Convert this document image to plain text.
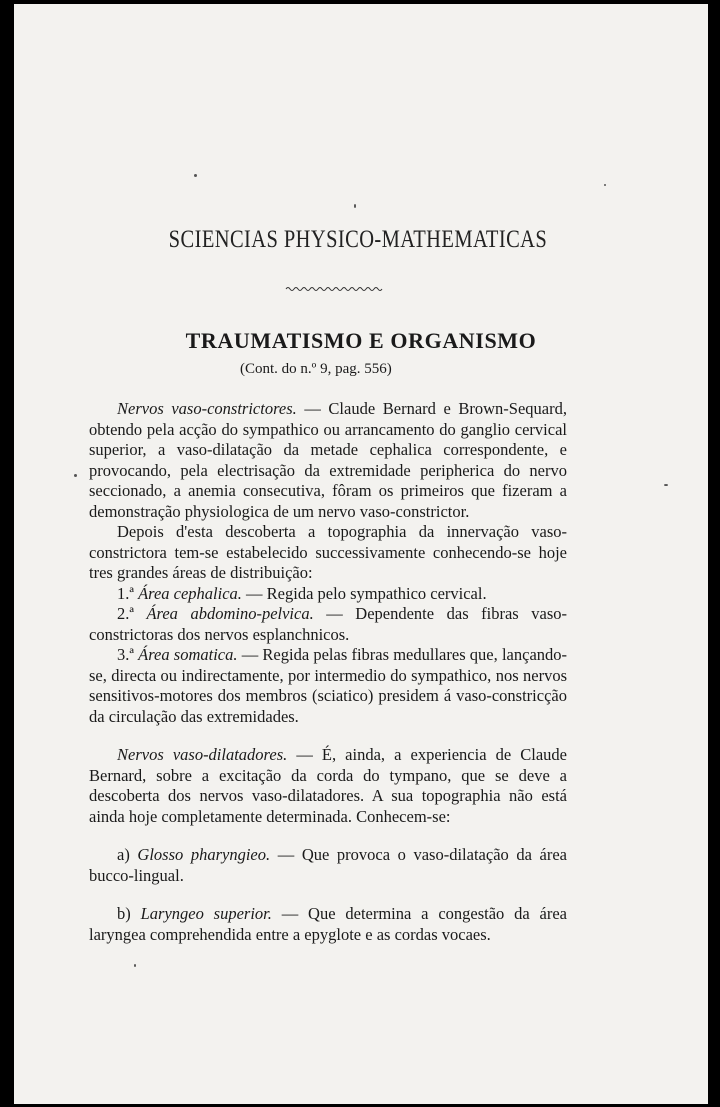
SCIENCIAS PHYSICO-MATHEMATICAS
TRAUMATISMO E ORGANISMO
(Cont. do n.º 9, pag. 556)

Nervos vaso-constrictores. — Claude Bernard e Brown-Sequard, obtendo pela acção do sympathico ou arrancamento do ganglio cervical superior, a vaso-dilatação da metade cephalica correspondente, e provocando, pela electrisação da extremidade peripherica do nervo seccionado, a anemia consecutiva, fôram os primeiros que fizeram a demonstração physiologica de um nervo vaso-constrictor.

Depois d'esta descoberta a topographia da innervação vaso-constrictora tem-se estabelecido successivamente conhecendo-se hoje tres grandes áreas de distribuição:

1.ª Área cephalica. — Regida pelo sympathico cervical.

2.ª Área abdomino-pelvica. — Dependente das fibras vaso-constrictoras dos nervos esplanchnicos.

3.ª Área somatica. — Regida pelas fibras medullares que, lançando-se, directa ou indirectamente, por intermedio do sympathico, nos nervos sensitivos-motores dos membros (sciatico) presidem á vaso-constricção da circulação das extremidades.

Nervos vaso-dilatadores. — É, ainda, a experiencia de Claude Bernard, sobre a excitação da corda do tympano, que se deve a descoberta dos nervos vaso-dilatadores. A sua topographia não está ainda hoje completamente determinada. Conhecem-se:

a) Glosso pharyngieo. — Que provoca o vaso-dilatação da área bucco-lingual.

b) Laryngeo superior. — Que determina a congestão da área laryngea comprehendida entre a epyglote e as cordas vocaes.
